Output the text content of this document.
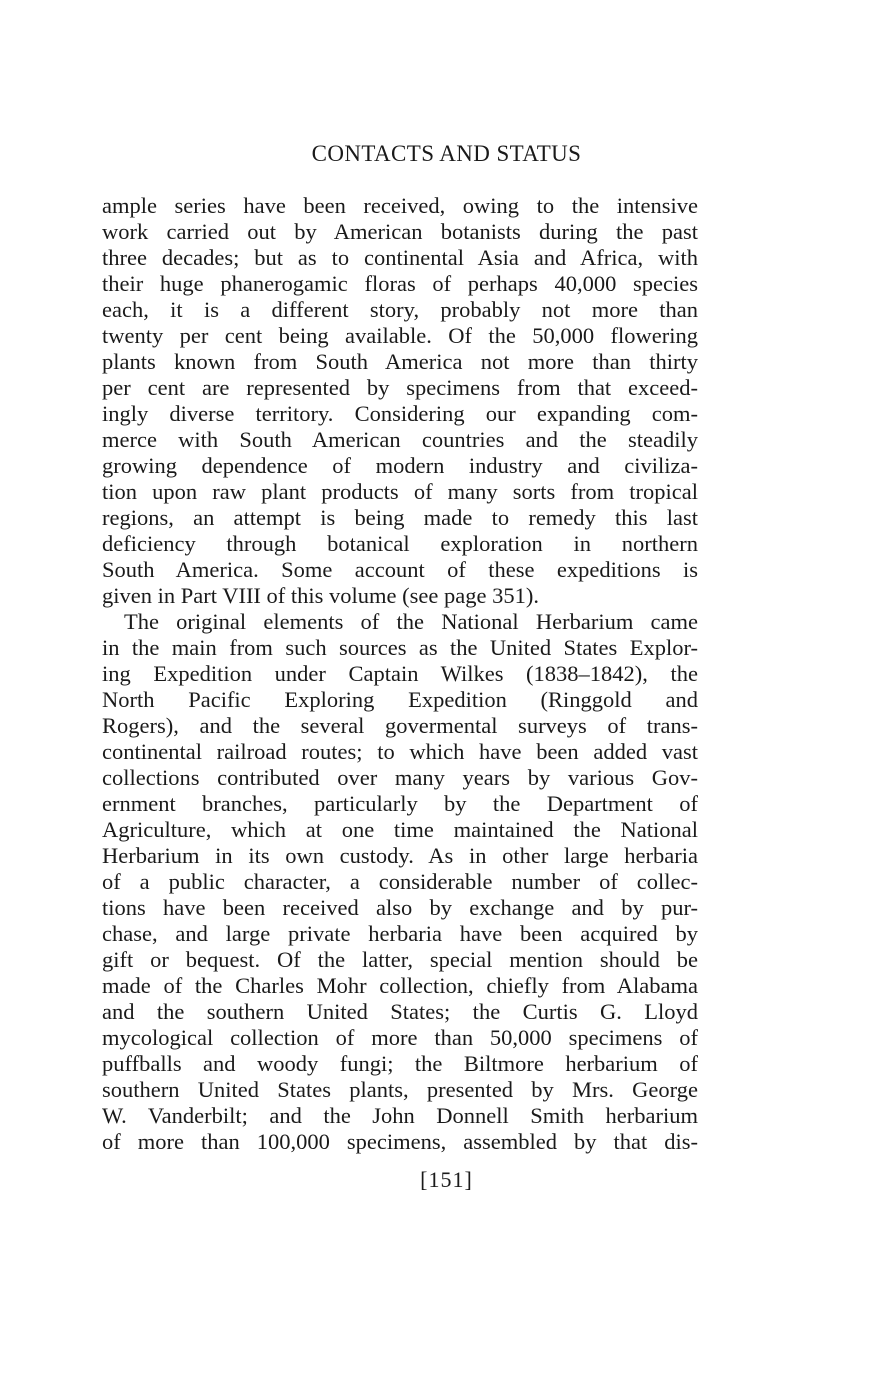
CONTACTS AND STATUS
ample series have been received, owing to the intensive
work carried out by American botanists during the past
three decades; but as to continental Asia and Africa, with
their huge phanerogamic floras of perhaps 40,000 species
each, it is a different story, probably not more than
twenty per cent being available. Of the 50,000 flowering
plants known from South America not more than thirty
per cent are represented by specimens from that exceed-
ingly diverse territory. Considering our expanding com-
merce with South American countries and the steadily
growing dependence of modern industry and civiliza-
tion upon raw plant products of many sorts from tropical
regions, an attempt is being made to remedy this last
deficiency through botanical exploration in northern
South America. Some account of these expeditions is
given in Part VIII of this volume (see page 351).
The original elements of the National Herbarium came
in the main from such sources as the United States Explor-
ing Expedition under Captain Wilkes (1838–1842), the
North Pacific Exploring Expedition (Ringgold and
Rogers), and the several govermental surveys of trans-
continental railroad routes; to which have been added vast
collections contributed over many years by various Gov-
ernment branches, particularly by the Department of
Agriculture, which at one time maintained the National
Herbarium in its own custody. As in other large herbaria
of a public character, a considerable number of collec-
tions have been received also by exchange and by pur-
chase, and large private herbaria have been acquired by
gift or bequest. Of the latter, special mention should be
made of the Charles Mohr collection, chiefly from Alabama
and the southern United States; the Curtis G. Lloyd
mycological collection of more than 50,000 specimens of
puffballs and woody fungi; the Biltmore herbarium of
southern United States plants, presented by Mrs. George
W. Vanderbilt; and the John Donnell Smith herbarium
of more than 100,000 specimens, assembled by that dis-
[151]
